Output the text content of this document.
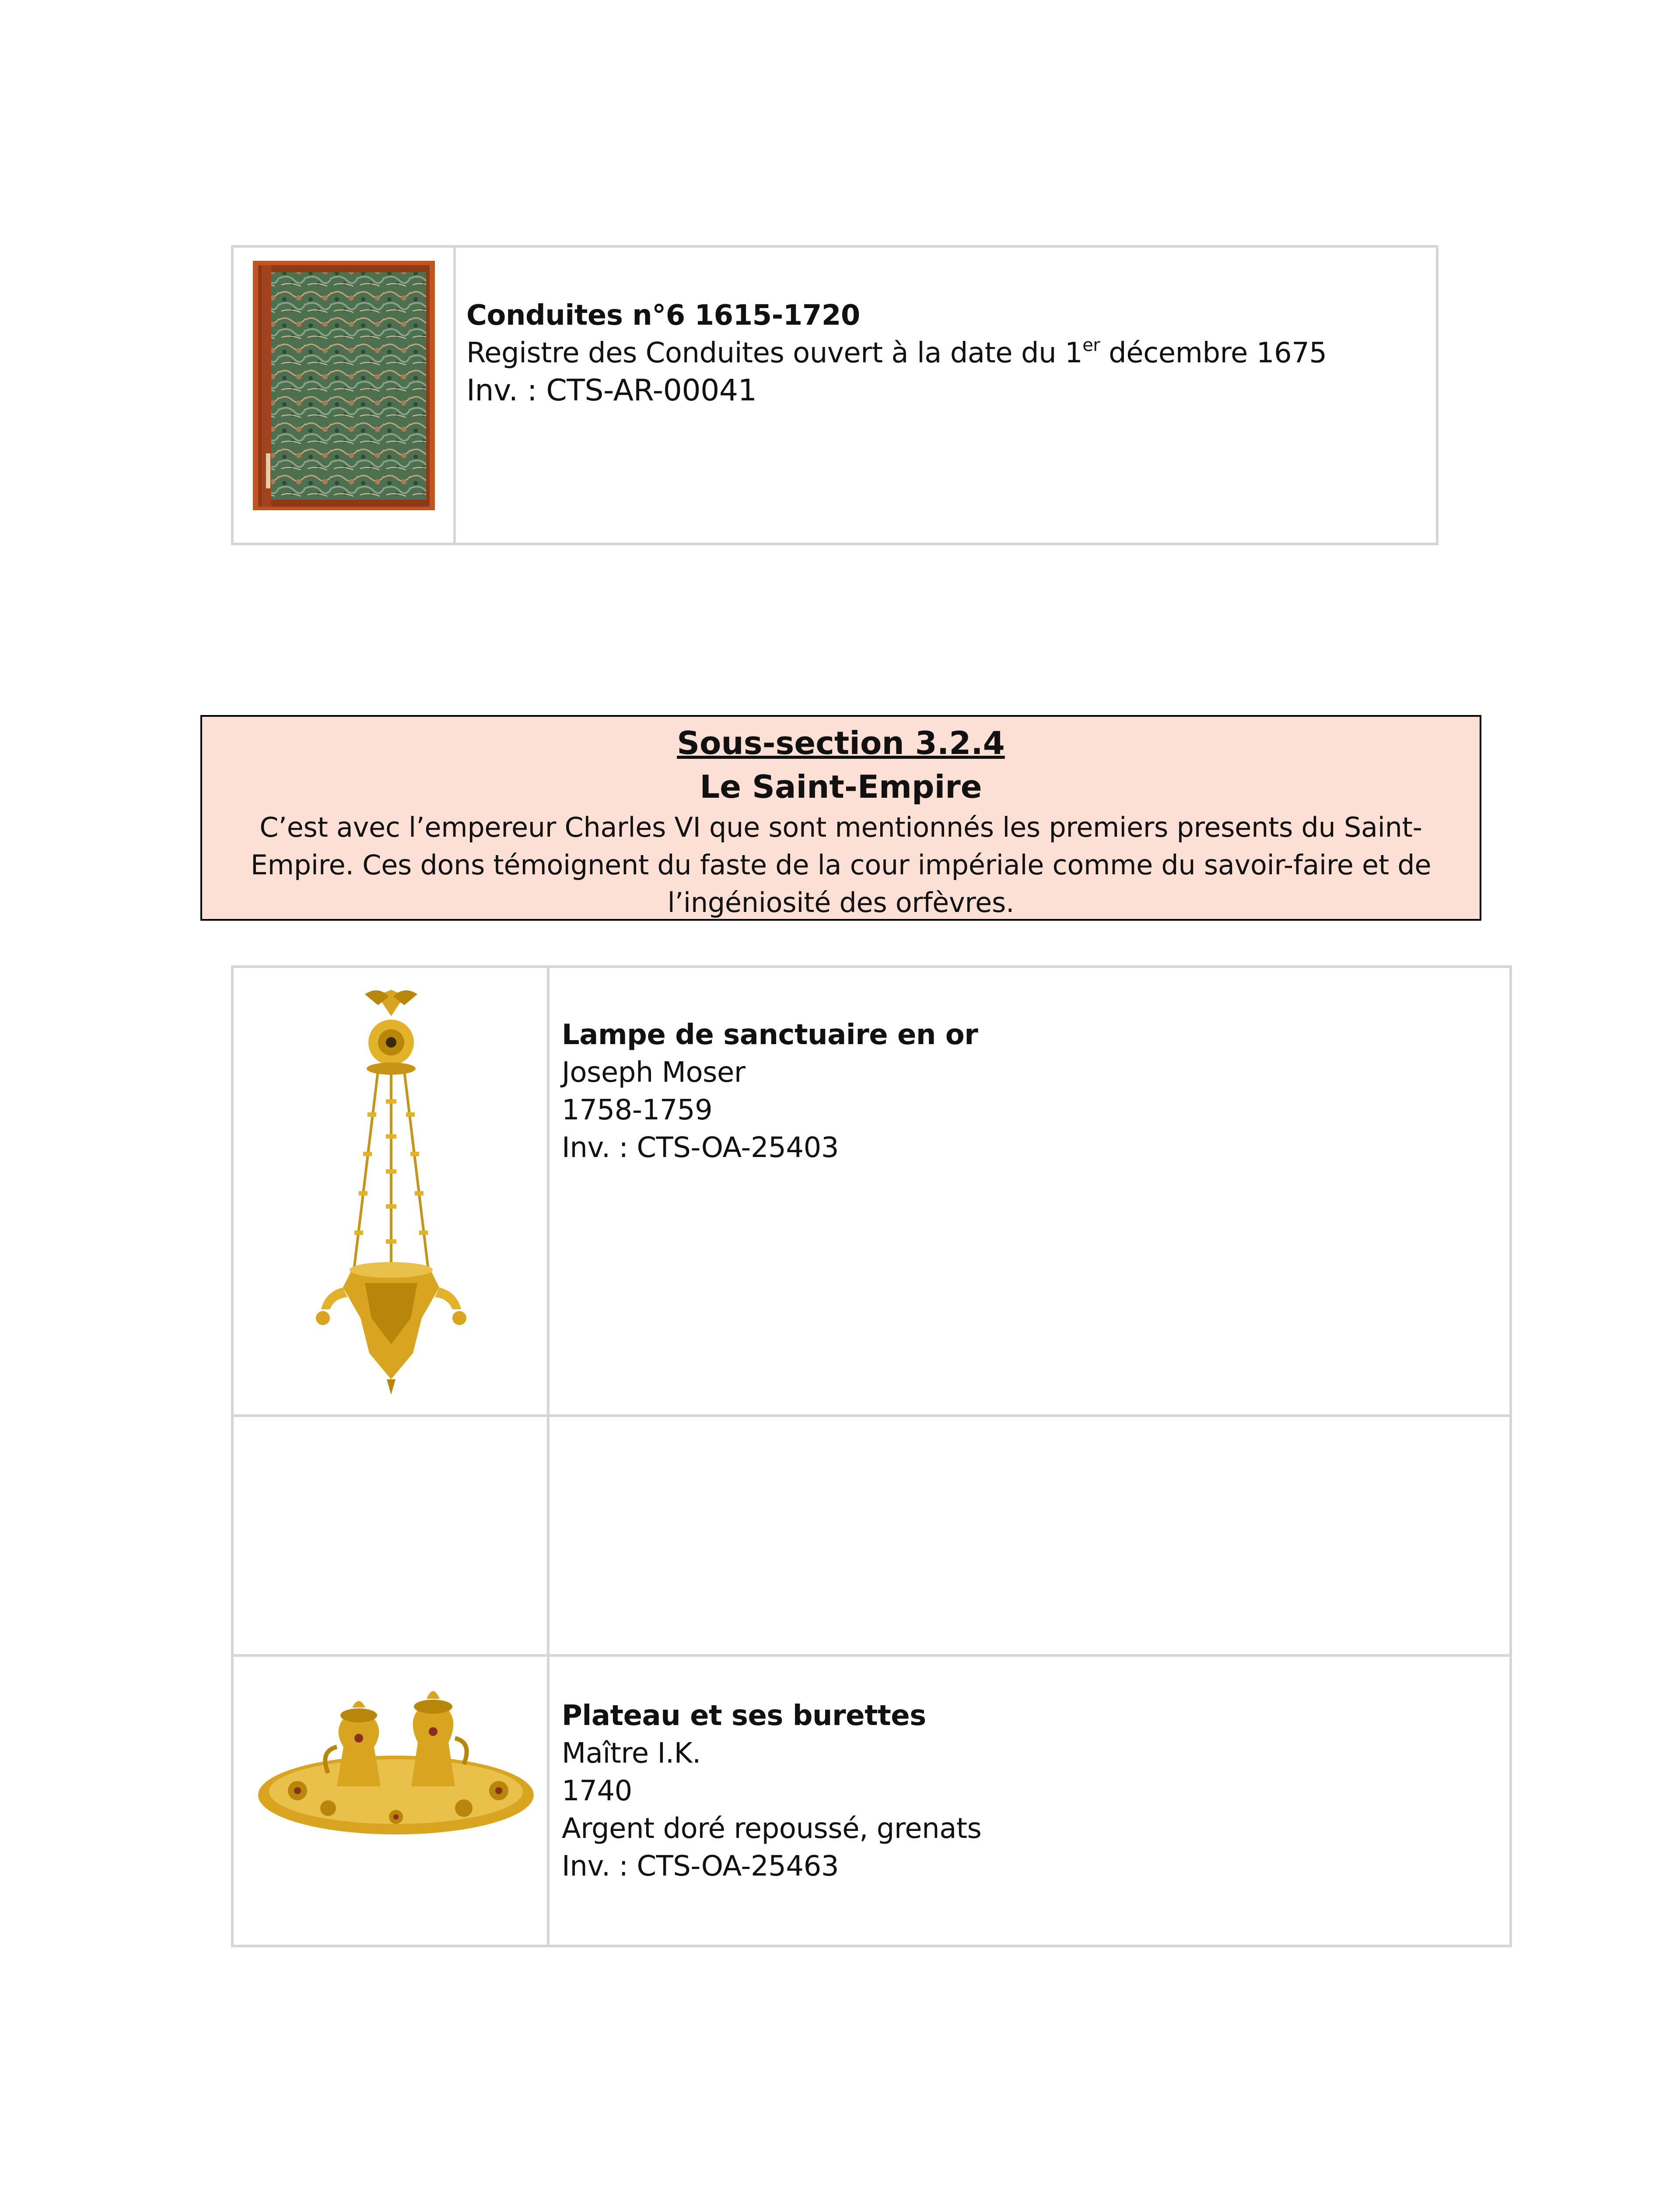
Conduites n°6 1615-1720
Registre des Conduites ouvert à la date du 1er décembre 1675
Inv. : CTS-AR-00041
Sous-section 3.2.4
Le Saint-Empire
C’est avec l’empereur Charles VI que sont mentionnés les premiers presents du Saint-Empire. Ces dons témoignent du faste de la cour impériale comme du savoir-faire et de l’ingéniosité des orfèvres.
Lampe de sanctuaire en or
Joseph Moser
1758-1759
Inv. : CTS-OA-25403
Plateau et ses burettes
Maître I.K.
1740
Argent doré repoussé, grenats
Inv. : CTS-OA-25463
